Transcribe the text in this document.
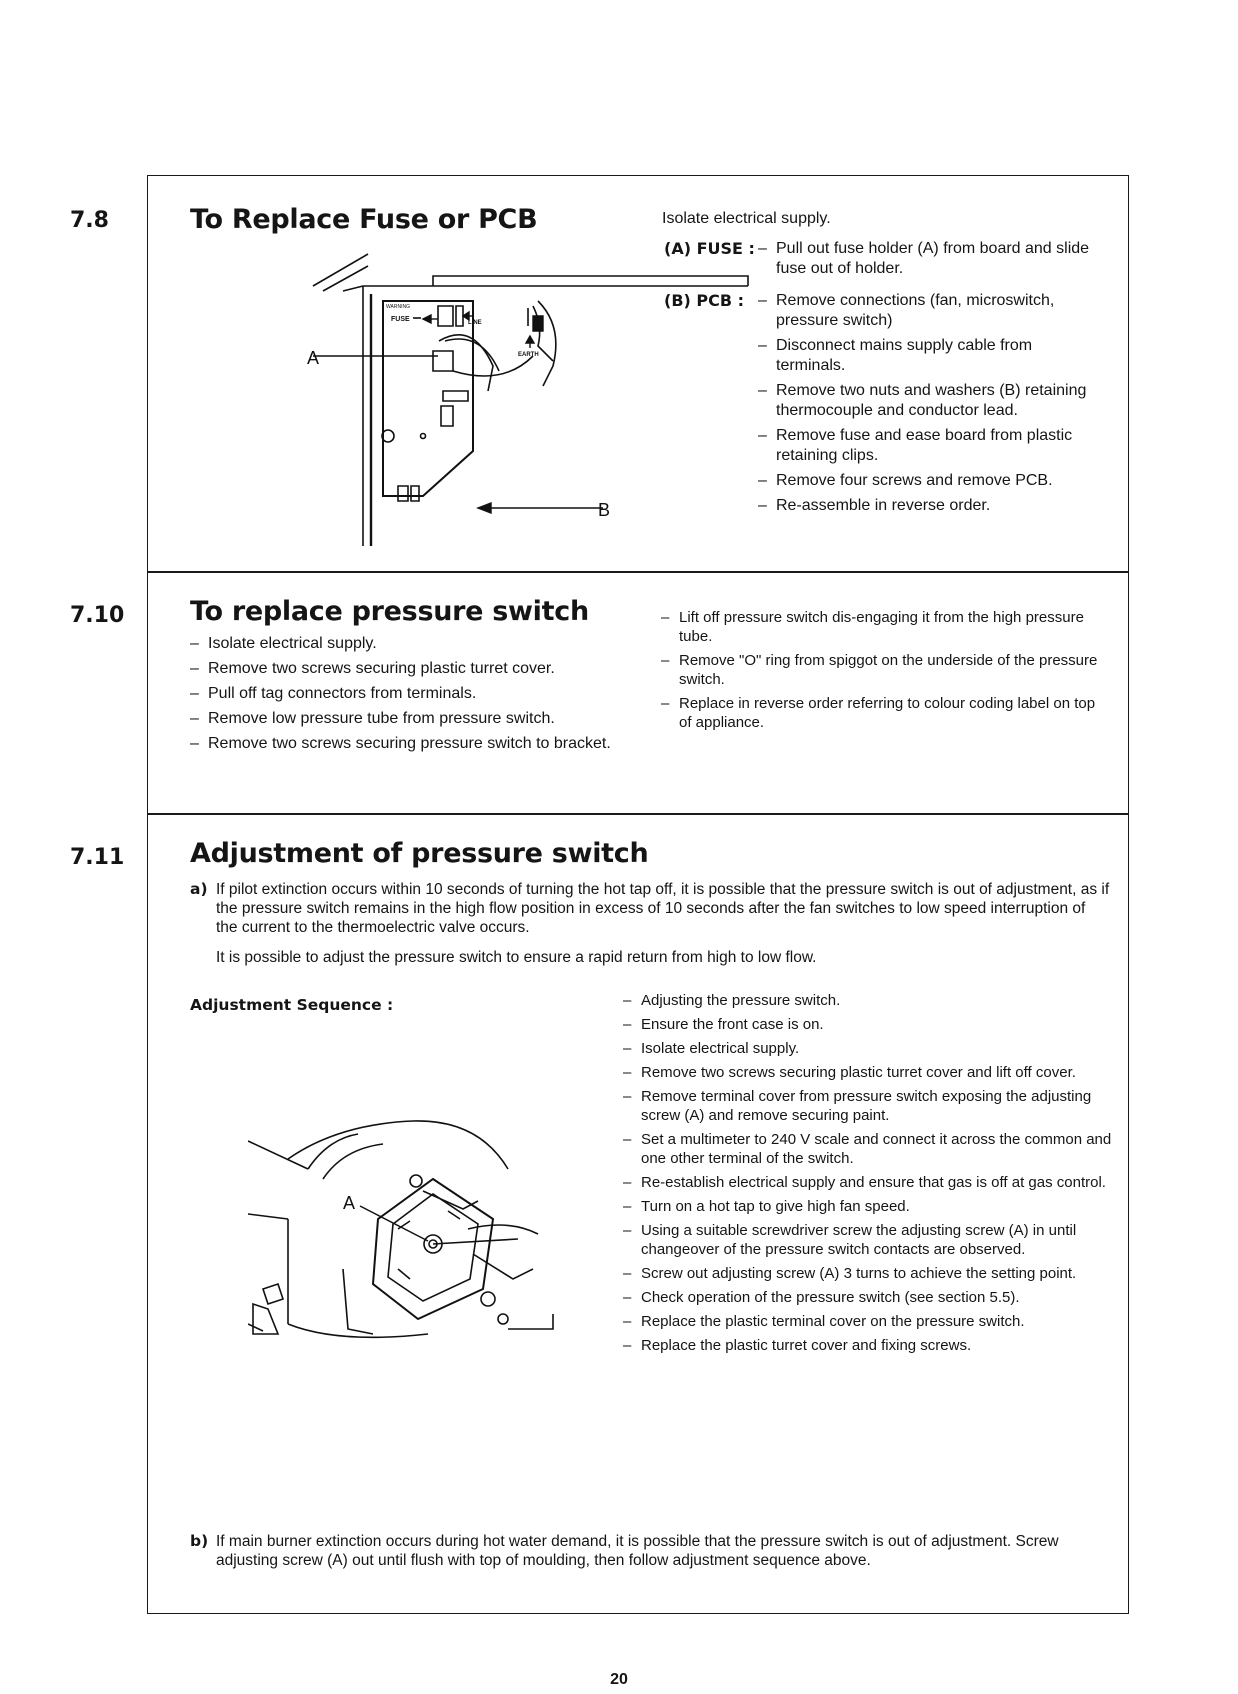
7.8	To Replace Fuse or PCB
A
B
FUSE	LINE
EARTH
WARNING
Isolate electrical supply.
(A) FUSE :	– Pull out fuse holder (A) from board and slide fuse out of holder.
(B) PCB :	– Remove connections (fan, microswitch, pressure switch)
– Disconnect mains supply cable from terminals.
– Remove two nuts and washers (B) retaining thermocouple and conductor lead.
– Remove fuse and ease board from plastic retaining clips.
– Remove four screws and remove PCB.
– Re-assemble in reverse order.
7.10 To replace pressure switch
– Isolate electrical supply.
– Remove two screws securing plastic turret cover.
– Pull off tag connectors from terminals.
– Remove low pressure tube from pressure switch.
– Remove two screws securing pressure switch to bracket.
– Lift off pressure switch dis-engaging it from the high pressure tube.
– Remove "O" ring from spiggot on the underside of the pressure switch.
– Replace in reverse order referring to colour coding label on top of appliance.
7.11 Adjustment of pressure switch
a) If pilot extinction occurs within 10 seconds of turning the hot tap off, it is possible that the pressure switch is out of adjustment, as if the pressure switch remains in the high flow position in excess of 10 seconds after the fan switches to low speed interruption of the current to the thermoelectric valve occurs.
It is possible to adjust the pressure switch to ensure a rapid return from high to low flow.
Adjustment Sequence :
A
– Adjusting the pressure switch.
– Ensure the front case is on.
– Isolate electrical supply.
– Remove two screws securing plastic turret cover and lift off cover.
– Remove terminal cover from pressure switch exposing the adjusting screw (A) and remove securing paint.
– Set a multimeter to 240 V scale and connect it across the common and one other terminal of the switch.
– Re-establish electrical supply and ensure that gas is off at gas control.
– Turn on a hot tap to give high fan speed.
– Using a suitable screwdriver screw the adjusting screw (A) in until changeover of the pressure switch contacts are observed.
– Screw out adjusting screw (A) 3 turns to achieve the setting point.
– Check operation of the pressure switch (see section 5.5).
– Replace the plastic terminal cover on the pressure switch.
– Replace the plastic turret cover and fixing screws.
b) If main burner extinction occurs during hot water demand, it is possible that the pressure switch is out of adjustment. Screw adjusting screw (A) out until flush with top of moulding, then follow adjustment sequence above.
20
